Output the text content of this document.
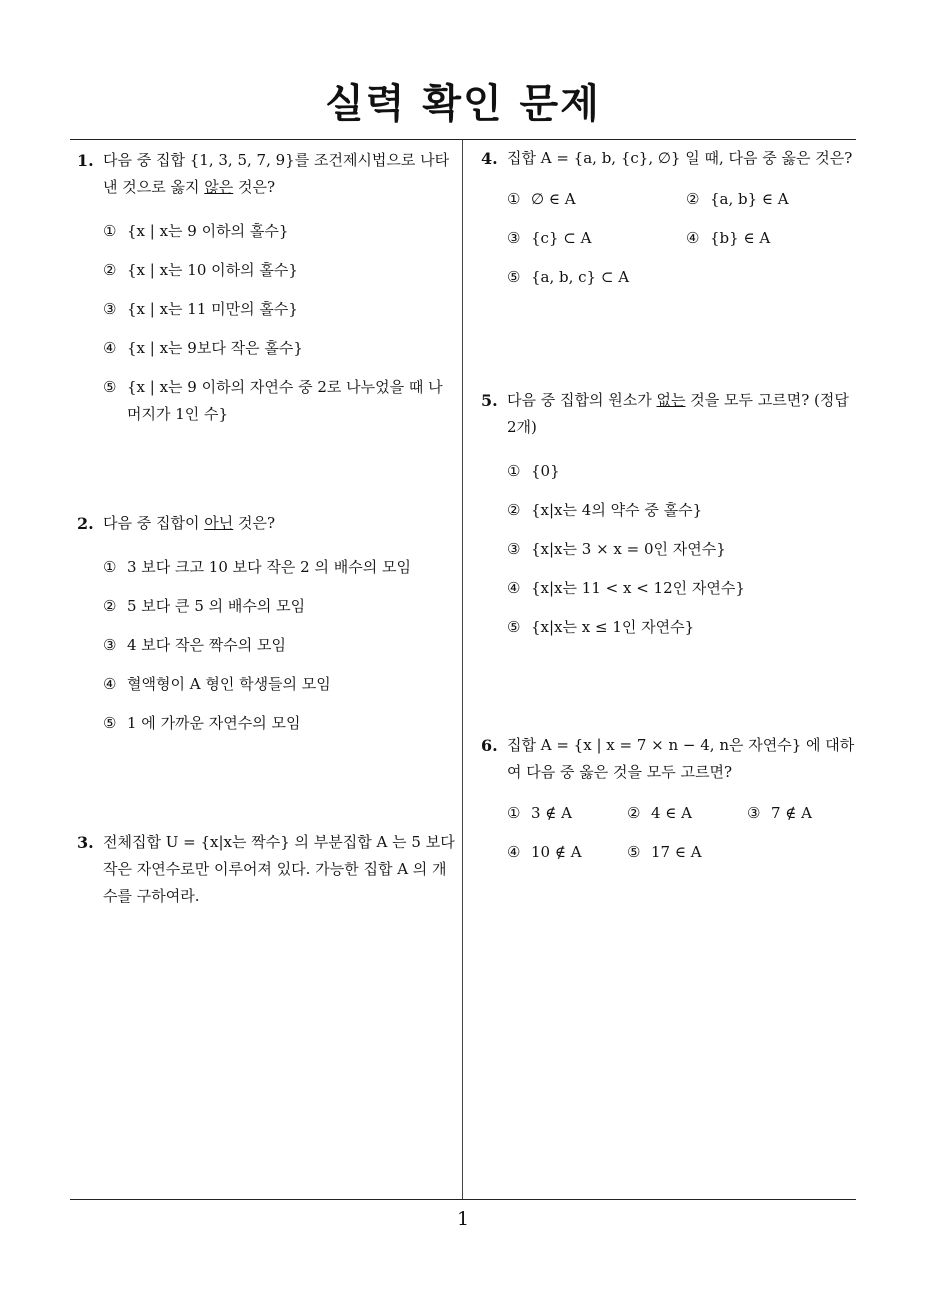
실력 확인 문제
1
1. 다음 중 집합 {1, 3, 5, 7, 9}를 조건제시법으로 나타낸 것으로 옳지 않은 것은?
① {x | x는 9 이하의 홀수}
② {x | x는 10 이하의 홀수}
③ {x | x는 11 미만의 홀수}
④ {x | x는 9보다 작은 홀수}
⑤ {x | x는 9 이하의 자연수 중 2로 나누었을 때 나머지가 1인 수}
2. 다음 중 집합이 아닌 것은?
① 3 보다 크고 10 보다 작은 2 의 배수의 모임
② 5 보다 큰 5 의 배수의 모임
③ 4 보다 작은 짝수의 모임
④ 혈액형이 A 형인 학생들의 모임
⑤ 1 에 가까운 자연수의 모임
3. 전체집합 U = {x|x는 짝수} 의 부분집합 A 는 5 보다 작은 자연수로만 이루어져 있다. 가능한 집합 A 의 개수를 구하여라.
4. 집합 A = {a, b, {c}, ∅} 일 때, 다음 중 옳은 것은?
① ∅ ∈ A	② {a, b} ∈ A
③ {c} ⊂ A	④ {b} ∈ A
⑤ {a, b, c} ⊂ A
5. 다음 중 집합의 원소가 없는 것을 모두 고르면? (정답 2개)
① {0}
② {x|x는 4의 약수 중 홀수}
③ {x|x는 3 × x = 0인 자연수}
④ {x|x는 11 < x < 12인 자연수}
⑤ {x|x는 x ≤ 1인 자연수}
6. 집합 A = {x | x = 7 × n − 4, n은 자연수} 에 대하여 다음 중 옳은 것을 모두 고르면?
① 3 ∉ A	② 4 ∈ A	③ 7 ∉ A
④ 10 ∉ A	⑤ 17 ∈ A
